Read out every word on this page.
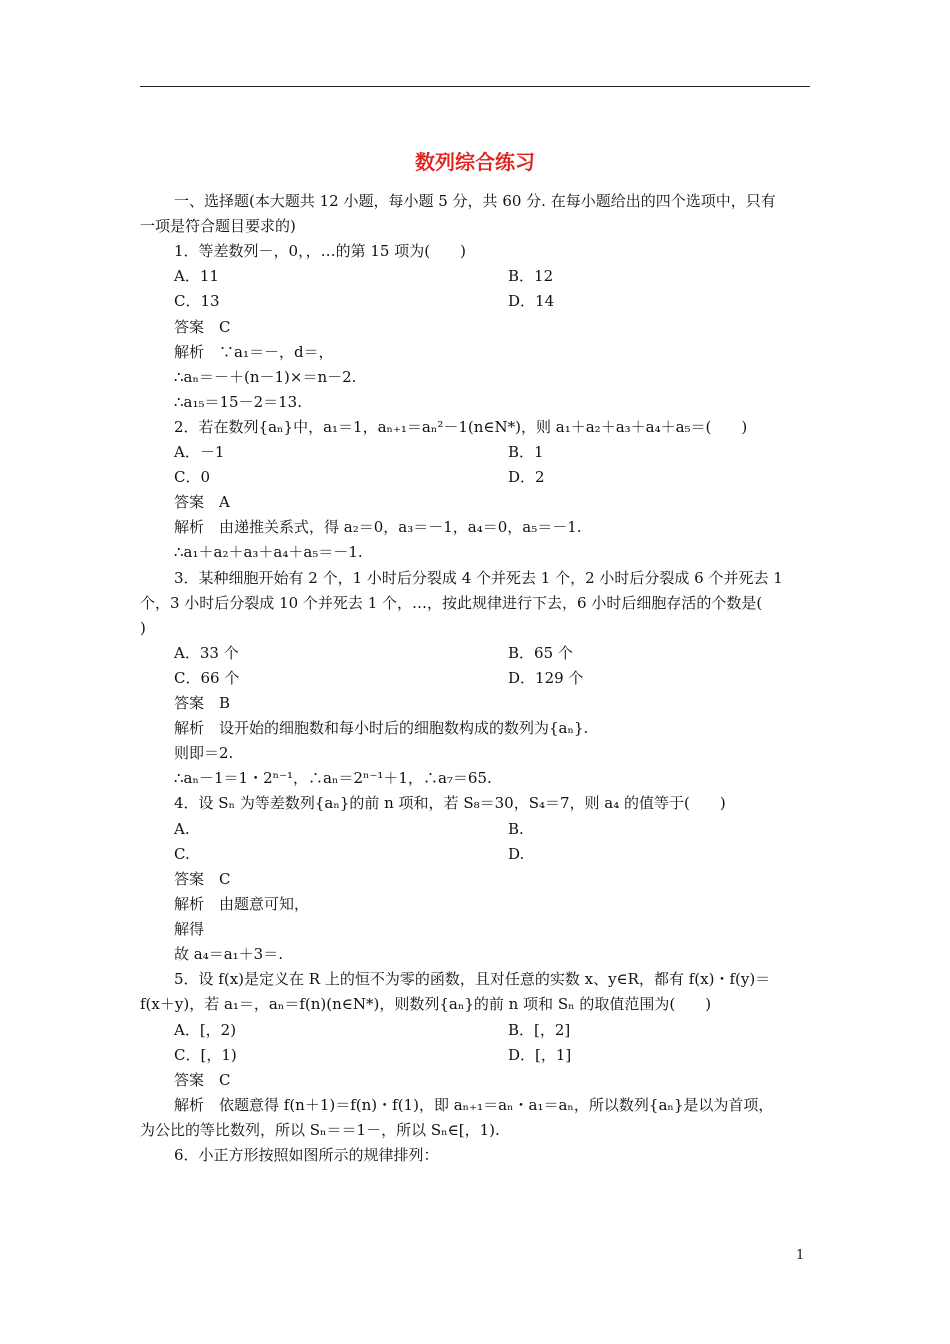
数列综合练习
一、选择题(本大题共 12 小题，每小题 5 分，共 60 分. 在每小题给出的四个选项中，只有
一项是符合题目要求的)
1．等差数列－，0，，…的第 15 项为(　　)
A．11	B．12
C．13	D．14
答案　C
解析　∵a₁＝－，d＝，
∴aₙ＝－＋(n－1)×＝n－2.
∴a₁₅＝15－2＝13.
2．若在数列{aₙ}中，a₁＝1，aₙ₊₁＝aₙ²－1(n∈N*)，则 a₁＋a₂＋a₃＋a₄＋a₅＝(　　)
A．－1	B．1
C．0	D．2
答案　A
解析　由递推关系式，得 a₂＝0，a₃＝－1，a₄＝0，a₅＝－1.
∴a₁＋a₂＋a₃＋a₄＋a₅＝－1.
3．某种细胞开始有 2 个，1 小时后分裂成 4 个并死去 1 个，2 小时后分裂成 6 个并死去 1
个，3 小时后分裂成 10 个并死去 1 个，…，按此规律进行下去，6 小时后细胞存活的个数是(
)
A．33 个	B．65 个
C．66 个	D．129 个
答案　B
解析　设开始的细胞数和每小时后的细胞数构成的数列为{aₙ}.
则即＝2.
∴aₙ－1＝1・2ⁿ⁻¹，∴aₙ＝2ⁿ⁻¹＋1，∴a₇＝65.
4．设 Sₙ 为等差数列{aₙ}的前 n 项和，若 S₈＝30，S₄＝7，则 a₄ 的值等于(　　)
A.	B.
C.	D.
答案　C
解析　由题意可知，
解得
故 a₄＝a₁＋3＝.
5．设 f(x)是定义在 R 上的恒不为零的函数，且对任意的实数 x、y∈R，都有 f(x)・f(y)＝
f(x＋y)，若 a₁＝，aₙ＝f(n)(n∈N*)，则数列{aₙ}的前 n 项和 Sₙ 的取值范围为(　　)
A．[，2)	B．[，2]
C．[，1)	D．[，1]
答案　C
解析　依题意得 f(n＋1)＝f(n)・f(1)，即 aₙ₊₁＝aₙ・a₁＝aₙ，所以数列{aₙ}是以为首项，
为公比的等比数列，所以 Sₙ＝＝1－，所以 Sₙ∈[，1).
6．小正方形按照如图所示的规律排列：
1
